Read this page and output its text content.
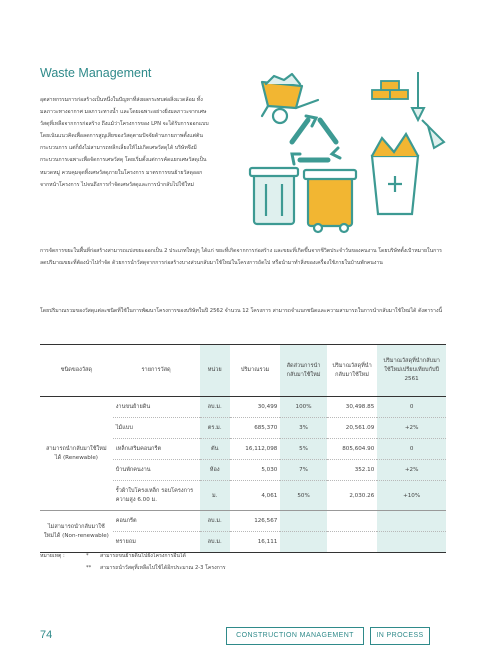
Waste Management
อุตสาหกรรมการก่อสร้างเป็นหนึ่งในปัญหาที่ส่งผลกระทบต่อสิ่งแวดล้อม ทั้งมลภาวะทางอากาศ มลภาวะทางน้ำ และโดยเฉพาะอย่างยิ่งมลภาวะจากเศษวัสดุที่เหลือจากการก่อสร้าง ถึงแม้ว่าโครงการของ LPN จะได้รับการออกแบบโดยเน้นแนวคิดเพื่อลดการสูญเสียของวัสดุตามปัจจัยด้านกายภาพตั้งแต่ต้นกระบวนการ แต่ก็ยังไม่สามารถหลีกเลี่ยงให้ไม่เกิดเศษวัสดุได้ บริษัทจึงมีกระบวนการเฉพาะเพื่อจัดการเศษวัสดุ โดยเริ่มตั้งแต่การคัดแยกเศษวัสดุเป็นหมวดหมู่ ควบคุมจุดทิ้งเศษวัสดุภายในโครงการ มาตรการขนย้ายวัสดุออกจากหน้าโครงการ ไปจนถึงการกำจัดเศษวัสดุและการนำกลับไปใช้ใหม่
การจัดการขยะในพื้นที่ก่อสร้างสามารถแบ่งขยะออกเป็น 2 ประเภทใหญ่ๆ ได้แก่ ขยะที่เกิดจากการก่อสร้าง และขยะที่เกิดขึ้นจากชีวิตประจำวันของคนงาน โดยบริษัทตั้งเป้าหมายในการลดปริมาณขยะที่ต้องนำไปกำจัด ด้วยการนำวัสดุจากการก่อสร้างบางส่วนกลับมาใช้ใหม่ในโครงการถัดไป หรือนำมาทำสิ่งของเครื่องใช้ภายในบ้านพักคนงาน
โดยปริมาณรวมของวัสดุแต่ละชนิดที่ใช้ในการพัฒนาโครงการของบริษัทในปี 2562 จำนวน 12 โครงการ สามารถจำแนกชนิดและความสามารถในการนำกลับมาใช้ใหม่ได้ ดังตารางนี้
ชนิดของวัสดุ	รายการวัสดุ	หน่วย	ปริมาณรวม	สัดส่วนการนำกลับมาใช้ใหม่	ปริมาณวัสดุที่นำกลับมาใช้ใหม่	ปริมาณวัสดุที่นำกลับมาใช้ใหม่เปรียบเทียบกับปี 2561
สามารถนำกลับมาใช้ใหม่ได้ (Renewable)	งานขนย้ายดิน	ลบ.ม.	30,499	100%	30,498.85	0
	ไม้แบบ	ตร.ม.	685,370	3%	20,561.09	+2%
	เหล็กเสริมคอนกรีต	ตัน	16,112,098	5%	805,604.90	0
	บ้านพักคนงาน	ห้อง	5,030	7%	352.10	+2%
	รั้วผ้าใบโครงเหล็ก รอบโครงการ ความสูง 6.00 ม.	ม.	4,061	50%	2,030.26	+10%
ไม่สามารถนำกลับมาใช้ใหม่ได้ (Non-renewable)	คอนกรีต	ลบ.ม.	126,567			
	ทรายถม	ลบ.ม.	16,111			
หมายเหตุ :	*	สามารถขนย้ายดินไปยังโครงการอื่นได้
**	สามารถนำวัสดุที่เหลือไปใช้ได้อีกประมาณ 2-3 โครงการ
74	CONSTRUCTION MANAGEMENT	IN PROCESS
